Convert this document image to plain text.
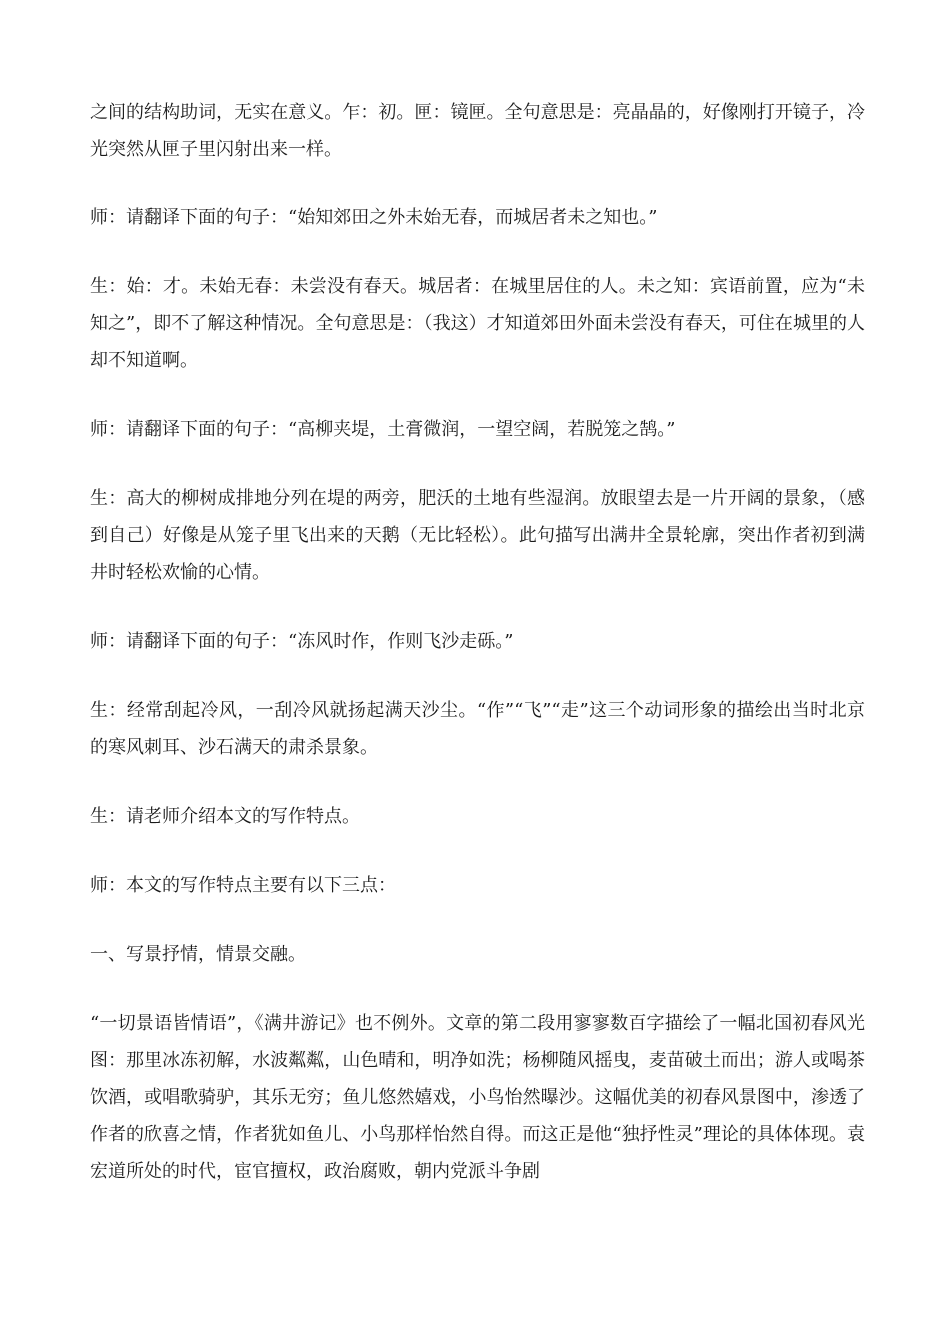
之间的结构助词，无实在意义。乍：初。匣：镜匣。全句意思是：亮晶晶的，好像刚打开镜子，冷光突然从匣子里闪射出来一样。

师：请翻译下面的句子：“始知郊田之外未始无春，而城居者未之知也。”

生：始：才。未始无春：未尝没有春天。城居者：在城里居住的人。未之知：宾语前置，应为“未知之”，即不了解这种情况。全句意思是：（我这）才知道郊田外面未尝没有春天，可住在城里的人却不知道啊。

师：请翻译下面的句子：“高柳夹堤，土膏微润，一望空阔，若脱笼之鹄。”

生：高大的柳树成排地分列在堤的两旁，肥沃的土地有些湿润。放眼望去是一片开阔的景象，（感到自己）好像是从笼子里飞出来的天鹅（无比轻松）。此句描写出满井全景轮廓，突出作者初到满井时轻松欢愉的心情。

师：请翻译下面的句子：“冻风时作，作则飞沙走砾。”

生：经常刮起冷风，一刮冷风就扬起满天沙尘。“作”“飞”“走”这三个动词形象的描绘出当时北京的寒风刺耳、沙石满天的肃杀景象。

生：请老师介绍本文的写作特点。

师：本文的写作特点主要有以下三点：

一、写景抒情，情景交融。

“一切景语皆情语”，《满井游记》也不例外。文章的第二段用寥寥数百字描绘了一幅北国初春风光图：那里冰冻初解，水波粼粼，山色晴和，明净如洗；杨柳随风摇曳，麦苗破土而出；游人或喝茶饮酒，或唱歌骑驴，其乐无穷；鱼儿悠然嬉戏，小鸟怡然曝沙。这幅优美的初春风景图中，渗透了作者的欣喜之情，作者犹如鱼儿、小鸟那样怡然自得。而这正是他“独抒性灵”理论的具体体现。袁宏道所处的时代，宦官擅权，政治腐败，朝内党派斗争剧
